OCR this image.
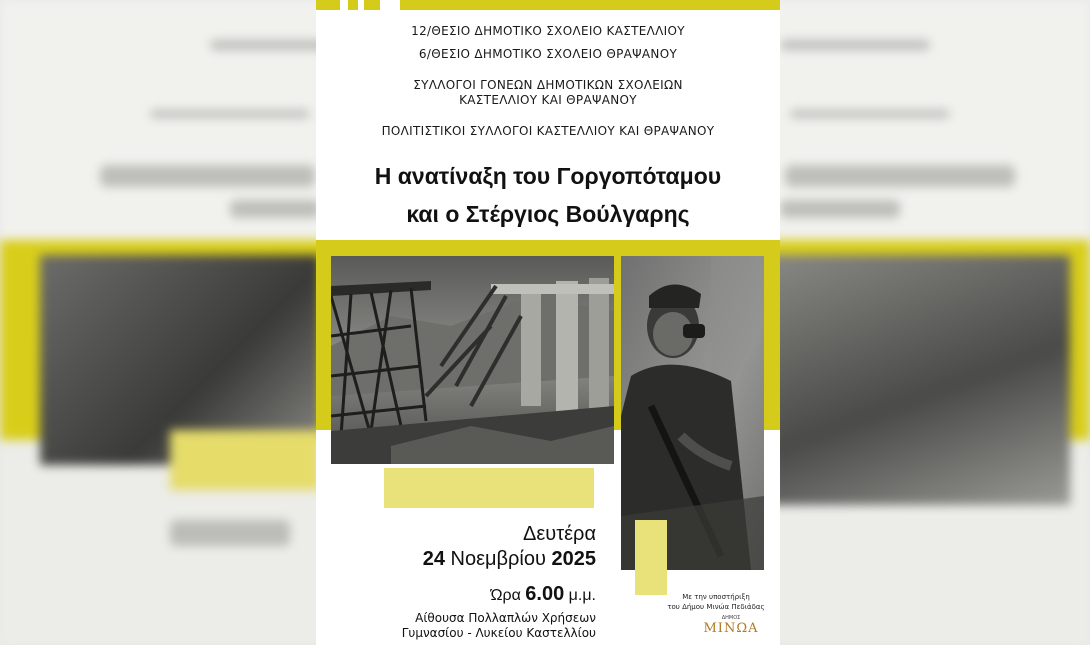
12/ΘΕΣΙΟ ΔΗΜΟΤΙΚΟ ΣΧΟΛΕΙΟ ΚΑΣΤΕΛΛΙΟΥ
6/ΘΕΣΙΟ ΔΗΜΟΤΙΚΟ ΣΧΟΛΕΙΟ ΘΡΑΨΑΝΟΥ
ΣΥΛΛΟΓΟΙ ΓΟΝΕΩΝ ΔΗΜΟΤΙΚΩΝ ΣΧΟΛΕΙΩΝ
ΚΑΣΤΕΛΛΙΟΥ ΚΑΙ ΘΡΑΨΑΝΟΥ
ΠΟΛΙΤΙΣΤΙΚΟΙ ΣΥΛΛΟΓΟΙ ΚΑΣΤΕΛΛΙΟΥ ΚΑΙ ΘΡΑΨΑΝΟΥ
Η ανατίναξη του Γοργοπόταμου
και ο Στέργιος Βούλγαρης
Δευτέρα
24 Νοεμβρίου 2025
Ώρα 6.00 μ.μ.
Αίθουσα Πολλαπλών Χρήσεων
Γυμνασίου - Λυκείου Καστελλίου
Με την υποστήριξη
του Δήμου Μινώα Πεδιάδας
ΔΗΜΟΣ
ΜΙΝΩΑ
